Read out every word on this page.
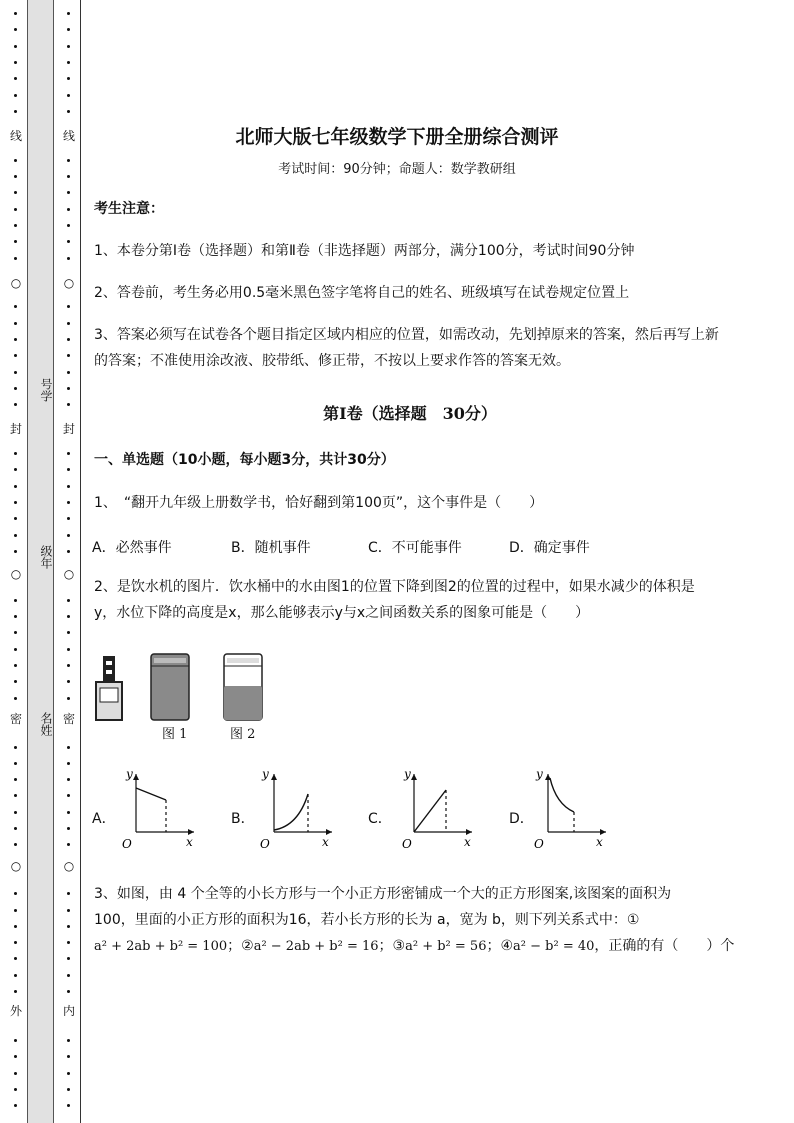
线
○
封
○
密
○
外
线
○
封
○
密
○
内
号学
级年
名姓
北师大版七年级数学下册全册综合测评
考试时间：90分钟；命题人：数学教研组
考生注意：
1、本卷分第Ⅰ卷（选择题）和第Ⅱ卷（非选择题）两部分，满分100分，考试时间90分钟
2、答卷前，考生务必用0.5毫米黑色签字笔将自己的姓名、班级填写在试卷规定位置上
3、答案必须写在试卷各个题目指定区域内相应的位置，如需改动，先划掉原来的答案，然后再写上新
的答案；不准使用涂改液、胶带纸、修正带，不按以上要求作答的答案无效。
第Ⅰ卷（选择题　30分）
一、单选题（10小题，每小题3分，共计30分）
1、　“翻开九年级上册数学书，恰好翻到第100页”，这个事件是（　　）
A．必然事件	B．随机事件	C．不可能事件	D．确定事件
2、是饮水机的图片．饮水桶中的水由图1的位置下降到图2的位置的过程中，如果水减少的体积是
y，水位下降的高度是x，那么能够表示y与x之间函数关系的图象可能是（　　）
图 1	图 2
A．	B．	C．	D．
y
x
O
y
x
O
y
x
O
y
x
O
3、如图，由 4 个全等的小长方形与一个小正方形密铺成一个大的正方形图案,该图案的面积为
100，里面的小正方形的面积为16，若小长方形的长为 a，宽为 b，则下列关系式中：①
a² + 2ab + b² = 100；②a² − 2ab + b² = 16；③a² + b² = 56；④a² − b² = 40，正确的有（　　）个
